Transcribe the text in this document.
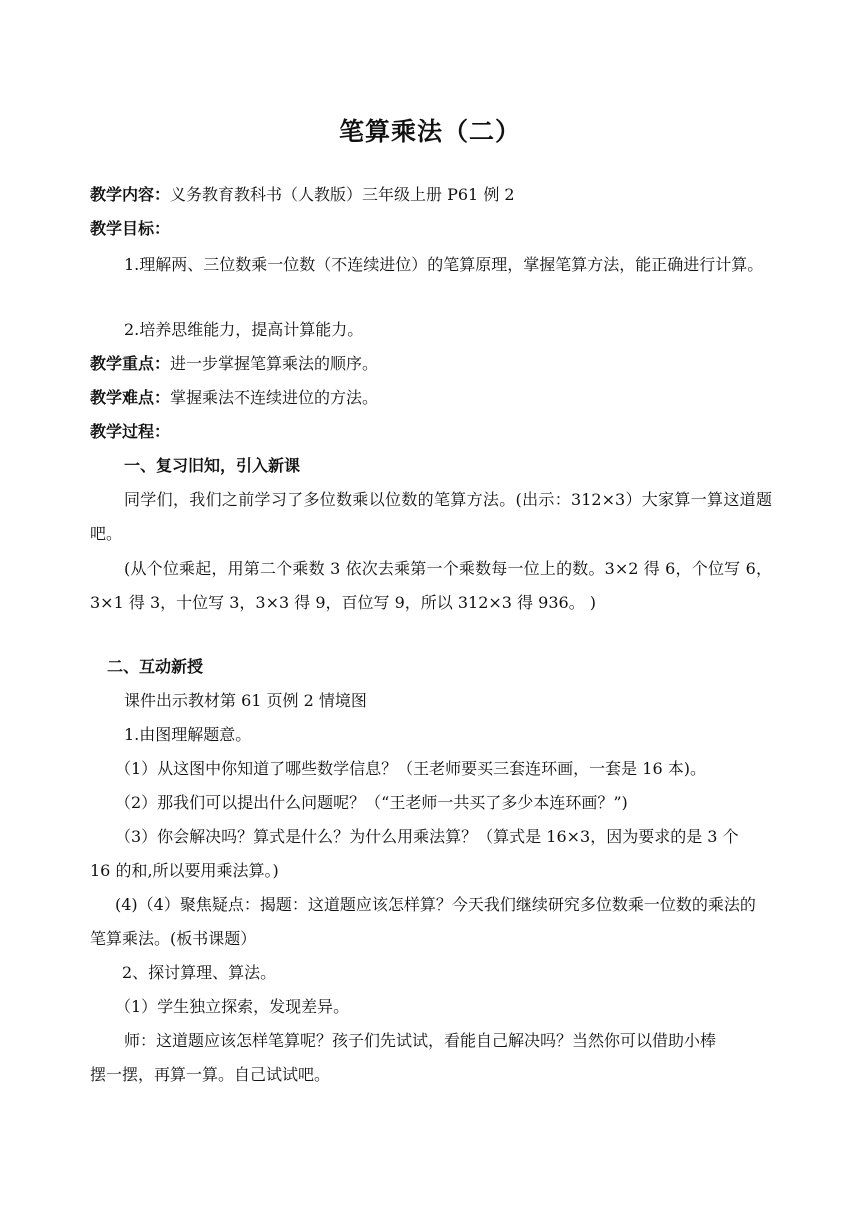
笔算乘法（二）
教学内容：义务教育教科书（人教版）三年级上册 P61 例 2
教学目标：
1.理解两、三位数乘一位数（不连续进位）的笔算原理，掌握笔算方法，能正确进行计算。
2.培养思维能力，提高计算能力。
教学重点：进一步掌握笔算乘法的顺序。
教学难点：掌握乘法不连续进位的方法。
教学过程：
一、复习旧知，引入新课
同学们，我们之前学习了多位数乘以位数的笔算方法。(出示：312×3）大家算一算这道题吧。
(从个位乘起，用第二个乘数 3 依次去乘第一个乘数每一位上的数。3×2 得 6，个位写 6，3×1 得 3，十位写 3，3×3 得 9，百位写 9，所以 312×3 得 936。 )
二、互动新授
课件出示教材第 61 页例 2 情境图
1.由图理解题意。
（1）从这图中你知道了哪些数学信息？（王老师要买三套连环画，一套是 16 本)。
（2）那我们可以提出什么问题呢？（“王老师一共买了多少本连环画？”)
（3）你会解决吗？算式是什么？为什么用乘法算？（算式是 16×3，因为要求的是 3 个
16 的和,所以要用乘法算。)
(4)（4）聚焦疑点：揭题：这道题应该怎样算？今天我们继续研究多位数乘一位数的乘法的
笔算乘法。(板书课题）
2、探讨算理、算法。
（1）学生独立探索，发现差异。
师：这道题应该怎样笔算呢？孩子们先试试，看能自己解决吗？当然你可以借助小棒
摆一摆，再算一算。自己试试吧。
